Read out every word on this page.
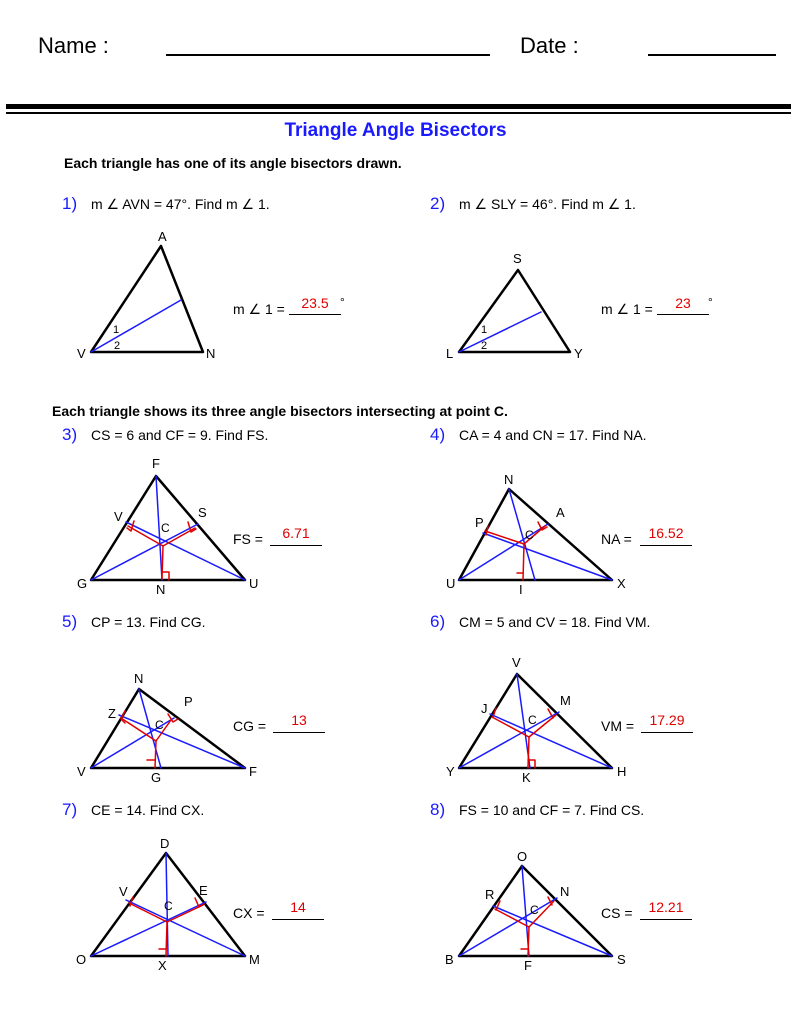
Name :	Date :
Triangle Angle Bisectors
Each triangle has one of its angle bisectors drawn.
Each triangle shows its three angle bisectors intersecting at point C.
1) m ∠ AVN = 47°. Find m ∠ 1.	2) m ∠ SLY = 46°. Find m ∠ 1.
3) CS = 6 and CF = 9. Find FS.	4) CA = 4 and CN = 17. Find NA.
5) CP = 13. Find CG.	6) CM = 5 and CV = 18. Find VM.
7) CE = 14. Find CX.	8) FS = 10 and CF = 7. Find CS.
m ∠ 1 =	23.5 °	m ∠ 1 =	23	°
FS =	6.71	NA =	16.52
CG =	13	VM =	17.29
CX =	14	CS =	12.21
A
V	N
1
2
S
L	Y
1
2
F
G	U
V	S
N
C
N
U	X
P
A
I
C
N
V	F
Z
P
G
C
V
Y	H
J
M
K
C
D
O	M
V	E
X
C
O
B	S
R	N
F
C
